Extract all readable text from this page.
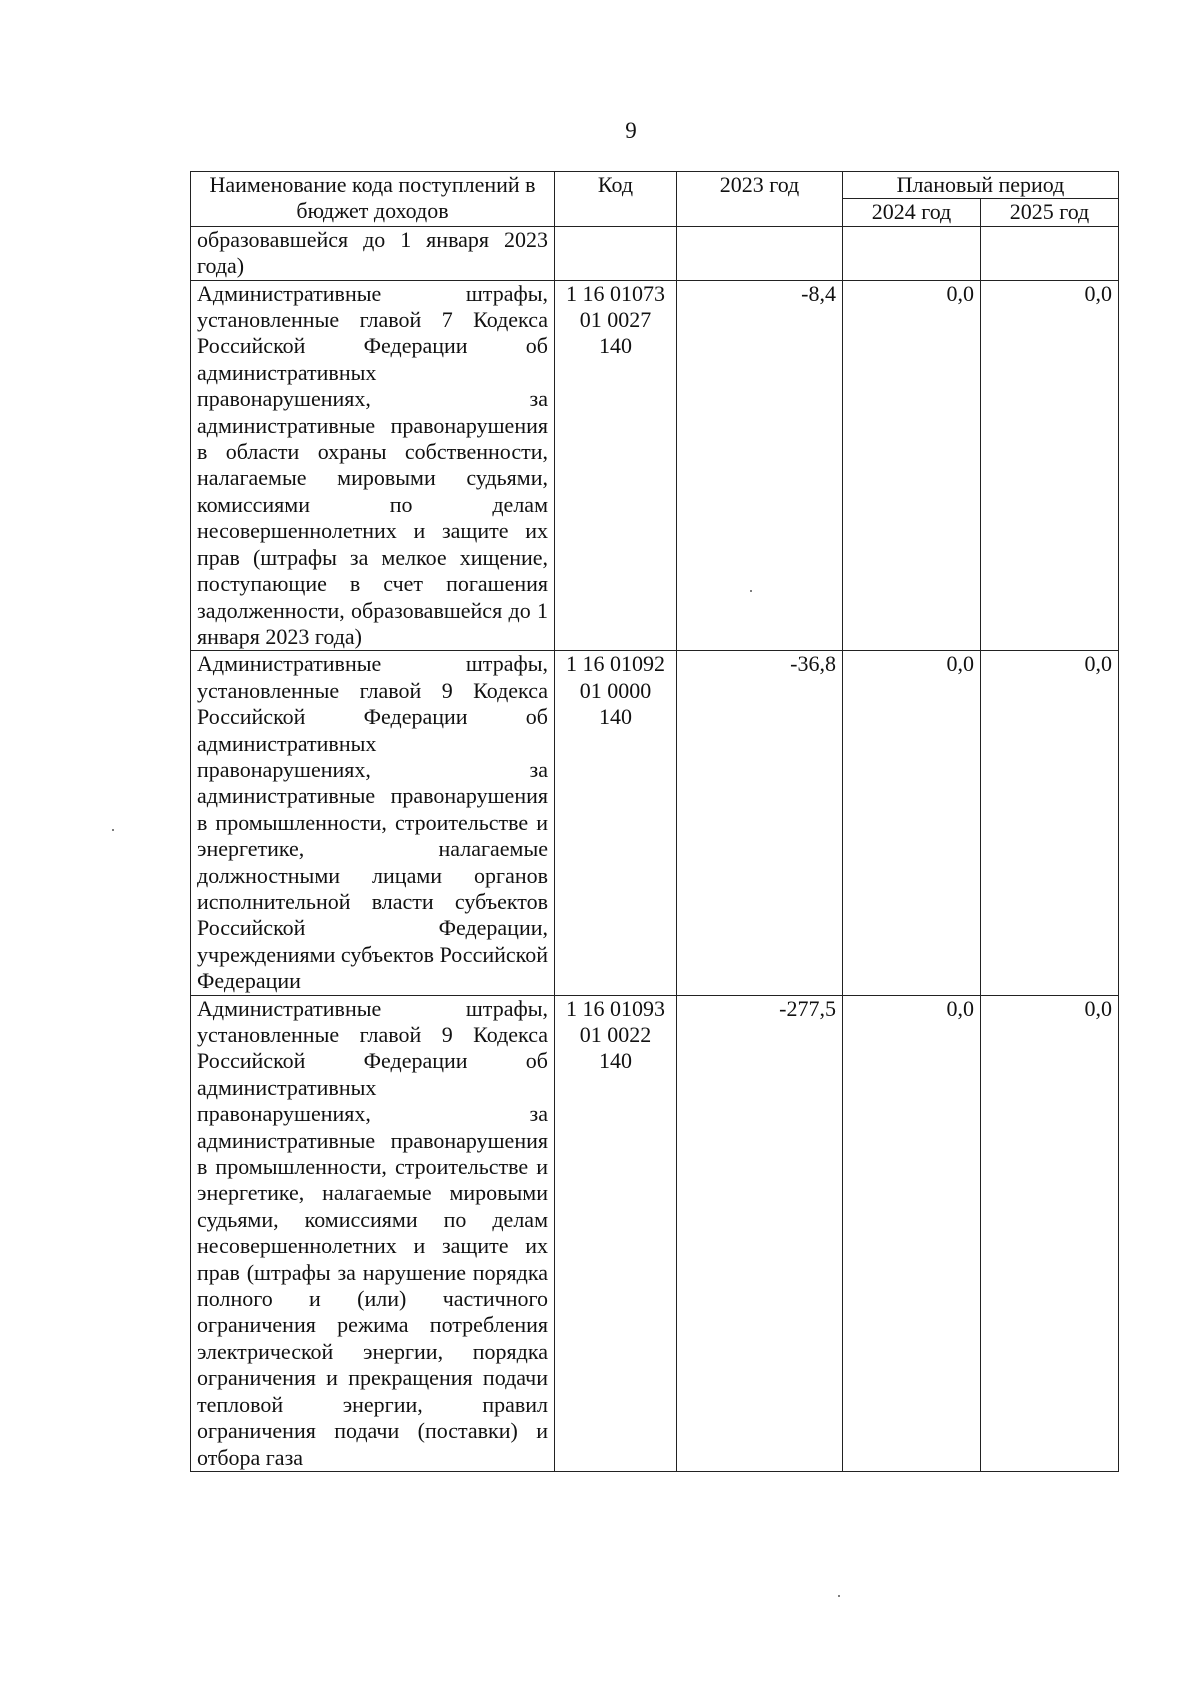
9
Наименование кода поступлений в бюджет доходов	Код	2023 год	Плановый период	
			2024 год	2025 год
образовавшейся до 1 января 2023 года)				
Административные штрафы, установленные главой 7 Кодекса Российской Федерации об административных правонарушениях, за административные правонарушения в области охраны собственности, налагаемые мировыми судьями, комиссиями по делам несовершеннолетних и защите их прав (штрафы за мелкое хищение, поступающие в счет погашения задолженности, образовавшейся до 1 января 2023 года)	1 16 01073 01 0027 140	-8,4	0,0	0,0
Административные штрафы, установленные главой 9 Кодекса Российской Федерации об административных правонарушениях, за административные правонарушения в промышленности, строительстве и энергетике, налагаемые должностными лицами органов исполнительной власти субъектов Российской Федерации, учреждениями субъектов Российской Федерации	1 16 01092 01 0000 140	-36,8	0,0	0,0
Административные штрафы, установленные главой 9 Кодекса Российской Федерации об административных правонарушениях, за административные правонарушения в промышленности, строительстве и энергетике, налагаемые мировыми судьями, комиссиями по делам несовершеннолетних и защите их прав (штрафы за нарушение порядка полного и (или) частичного ограничения режима потребления электрической энергии, порядка ограничения и прекращения подачи тепловой энергии, правил ограничения подачи (поставки) и отбора газа	1 16 01093 01 0022 140	-277,5	0,0	0,0
